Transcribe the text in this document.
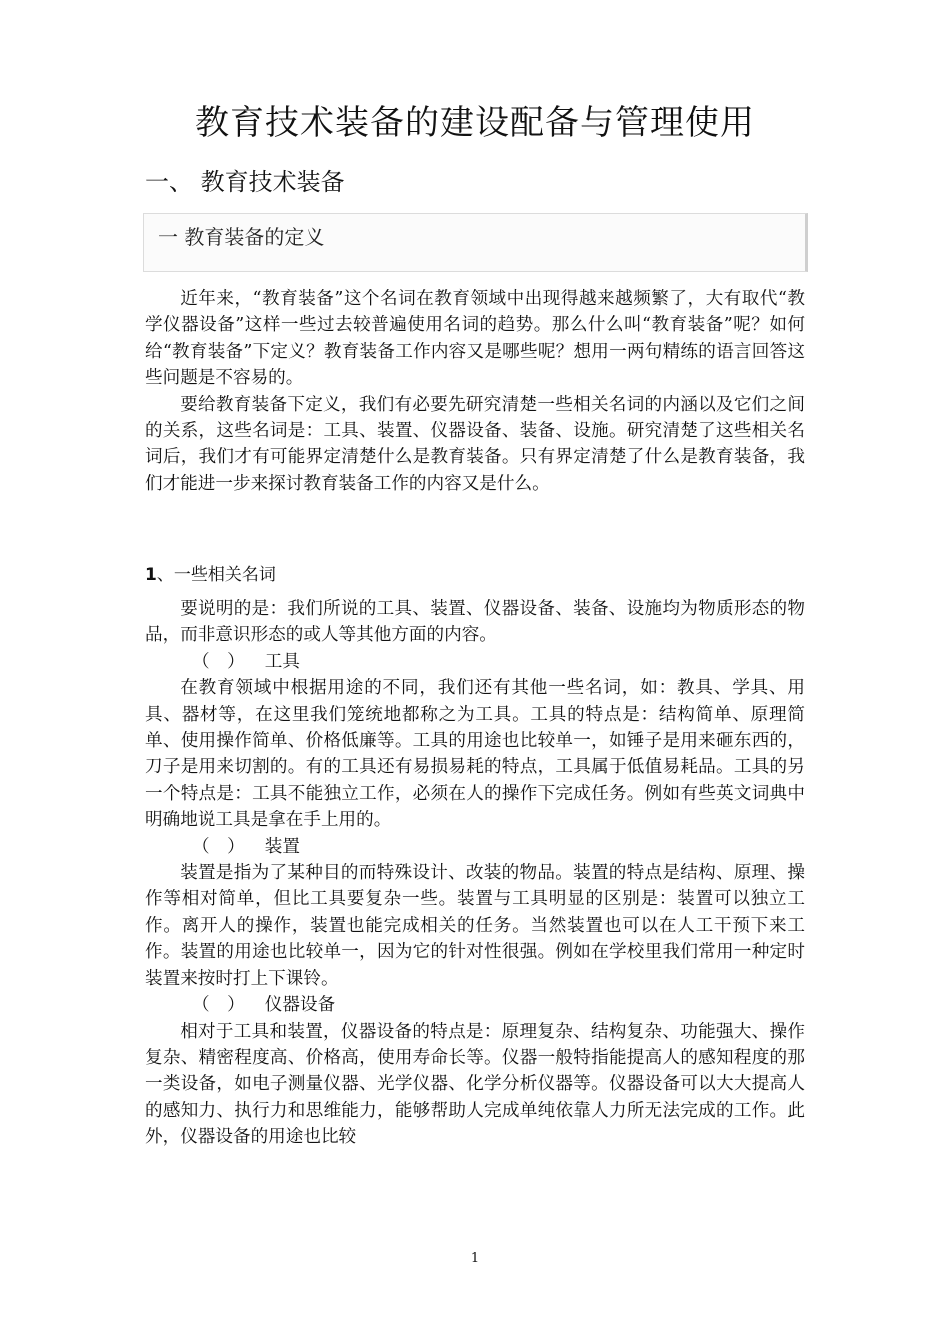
教育技术装备的建设配备与管理使用
一、 教育技术装备
一 教育装备的定义

近年来，“教育装备”这个名词在教育领域中出现得越来越频繁了，大有取代“教学仪器设备”这样一些过去较普遍使用名词的趋势。那么什么叫“教育装备”呢？如何给“教育装备”下定义？教育装备工作内容又是哪些呢？想用一两句精练的语言回答这些问题是不容易的。

要给教育装备下定义，我们有必要先研究清楚一些相关名词的内涵以及它们之间的关系，这些名词是：工具、装置、仪器设备、装备、设施。研究清楚了这些相关名词后，我们才有可能界定清楚什么是教育装备。只有界定清楚了什么是教育装备，我们才能进一步来探讨教育装备工作的内容又是什么。

1、一些相关名词

要说明的是：我们所说的工具、装置、仪器设备、装备、设施均为物质形态的物品，而非意识形态的或人等其他方面的内容。

（ ） 工具

在教育领域中根据用途的不同，我们还有其他一些名词，如：教具、学具、用具、器材等，在这里我们笼统地都称之为工具。工具的特点是：结构简单、原理简单、使用操作简单、价格低廉等。工具的用途也比较单一，如锤子是用来砸东西的，刀子是用来切割的。有的工具还有易损易耗的特点，工具属于低值易耗品。工具的另一个特点是：工具不能独立工作，必须在人的操作下完成任务。例如有些英文词典中明确地说工具是拿在手上用的。

（ ） 装置

装置是指为了某种目的而特殊设计、改装的物品。装置的特点是结构、原理、操作等相对简单，但比工具要复杂一些。装置与工具明显的区别是：装置可以独立工作。离开人的操作，装置也能完成相关的任务。当然装置也可以在人工干预下来工作。装置的用途也比较单一，因为它的针对性很强。例如在学校里我们常用一种定时装置来按时打上下课铃。

（ ） 仪器设备

相对于工具和装置，仪器设备的特点是：原理复杂、结构复杂、功能强大、操作复杂、精密程度高、价格高，使用寿命长等。仪器一般特指能提高人的感知程度的那一类设备，如电子测量仪器、光学仪器、化学分析仪器等。仪器设备可以大大提高人的感知力、执行力和思维能力，能够帮助人完成单纯依靠人力所无法完成的工作。此外，仪器设备的用途也比较

1
